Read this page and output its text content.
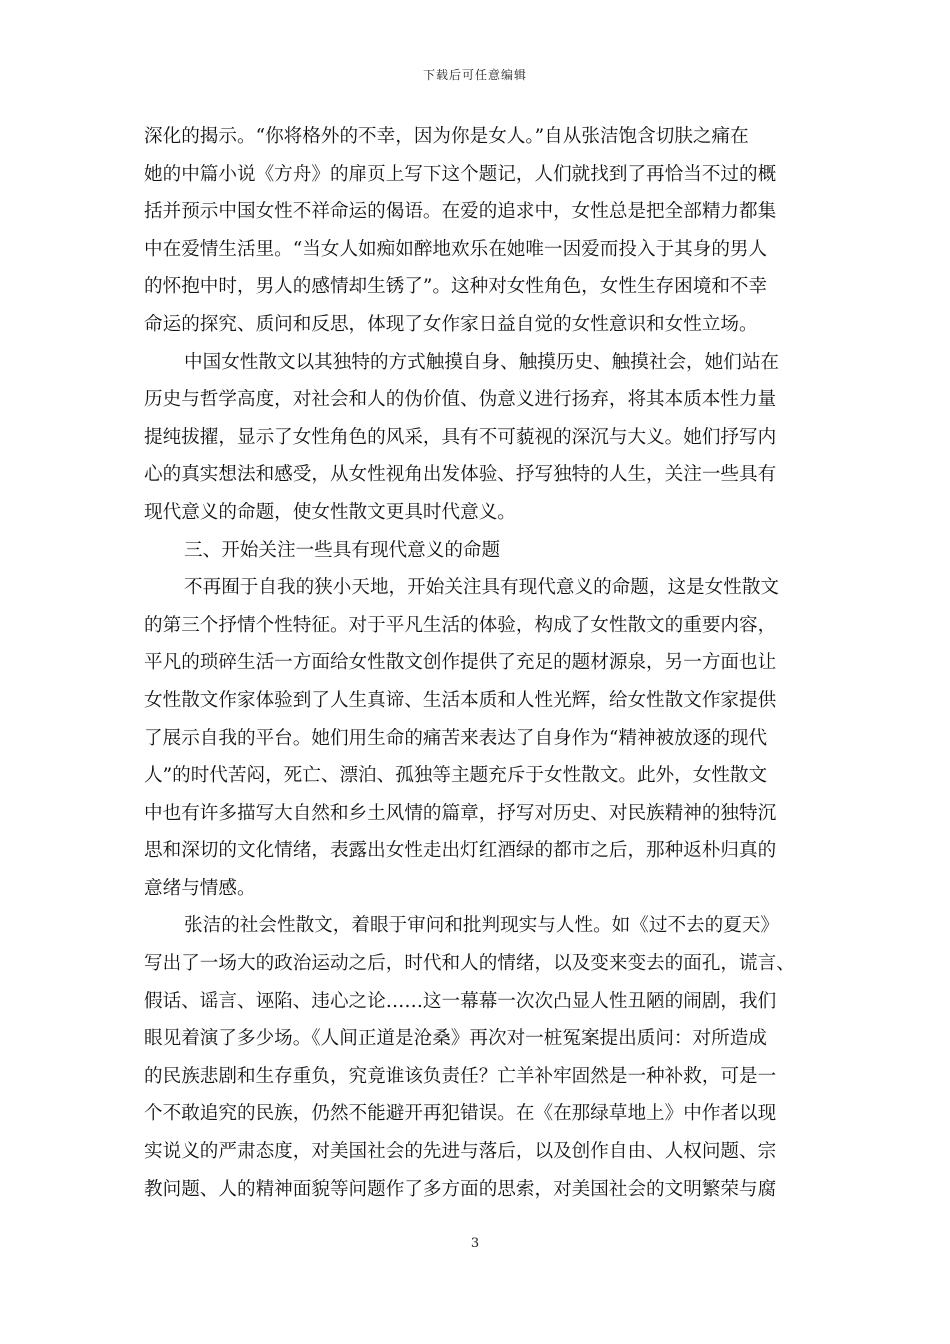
下载后可任意编辑

深化的揭示。“你将格外的不幸，因为你是女人。”自从张洁饱含切肤之痛在
她的中篇小说《方舟》的扉页上写下这个题记，人们就找到了再恰当不过的概
括并预示中国女性不祥命运的偈语。在爱的追求中，女性总是把全部精力都集
中在爱情生活里。“当女人如痴如醉地欢乐在她唯一因爱而投入于其身的男人
的怀抱中时，男人的感情却生锈了”。这种对女性角色，女性生存困境和不幸
命运的探究、质问和反思，体现了女作家日益自觉的女性意识和女性立场。

中国女性散文以其独特的方式触摸自身、触摸历史、触摸社会，她们站在
历史与哲学高度，对社会和人的伪价值、伪意义进行扬弃，将其本质本性力量
提纯拔擢，显示了女性角色的风采，具有不可藐视的深沉与大义。她们抒写内
心的真实想法和感受，从女性视角出发体验、抒写独特的人生，关注一些具有
现代意义的命题，使女性散文更具时代意义。

三、开始关注一些具有现代意义的命题

不再囿于自我的狭小天地，开始关注具有现代意义的命题，这是女性散文
的第三个抒情个性特征。对于平凡生活的体验，构成了女性散文的重要内容，
平凡的琐碎生活一方面给女性散文创作提供了充足的题材源泉，另一方面也让
女性散文作家体验到了人生真谛、生活本质和人性光辉，给女性散文作家提供
了展示自我的平台。她们用生命的痛苦来表达了自身作为“精神被放逐的现代
人”的时代苦闷，死亡、漂泊、孤独等主题充斥于女性散文。此外，女性散文
中也有许多描写大自然和乡土风情的篇章，抒写对历史、对民族精神的独特沉
思和深切的文化情绪，表露出女性走出灯红酒绿的都市之后，那种返朴归真的
意绪与情感。

张洁的社会性散文，着眼于审问和批判现实与人性。如《过不去的夏天》
写出了一场大的政治运动之后，时代和人的情绪，以及变来变去的面孔，谎言、
假话、谣言、诬陷、违心之论……这一幕幕一次次凸显人性丑陋的闹剧，我们
眼见着演了多少场。《人间正道是沧桑》再次对一桩冤案提出质问：对所造成
的民族悲剧和生存重负，究竟谁该负责任？亡羊补牢固然是一种补救，可是一
个不敢追究的民族，仍然不能避开再犯错误。在《在那绿草地上》中作者以现
实说义的严肃态度，对美国社会的先进与落后，以及创作自由、人权问题、宗
教问题、人的精神面貌等问题作了多方面的思索，对美国社会的文明繁荣与腐

3
